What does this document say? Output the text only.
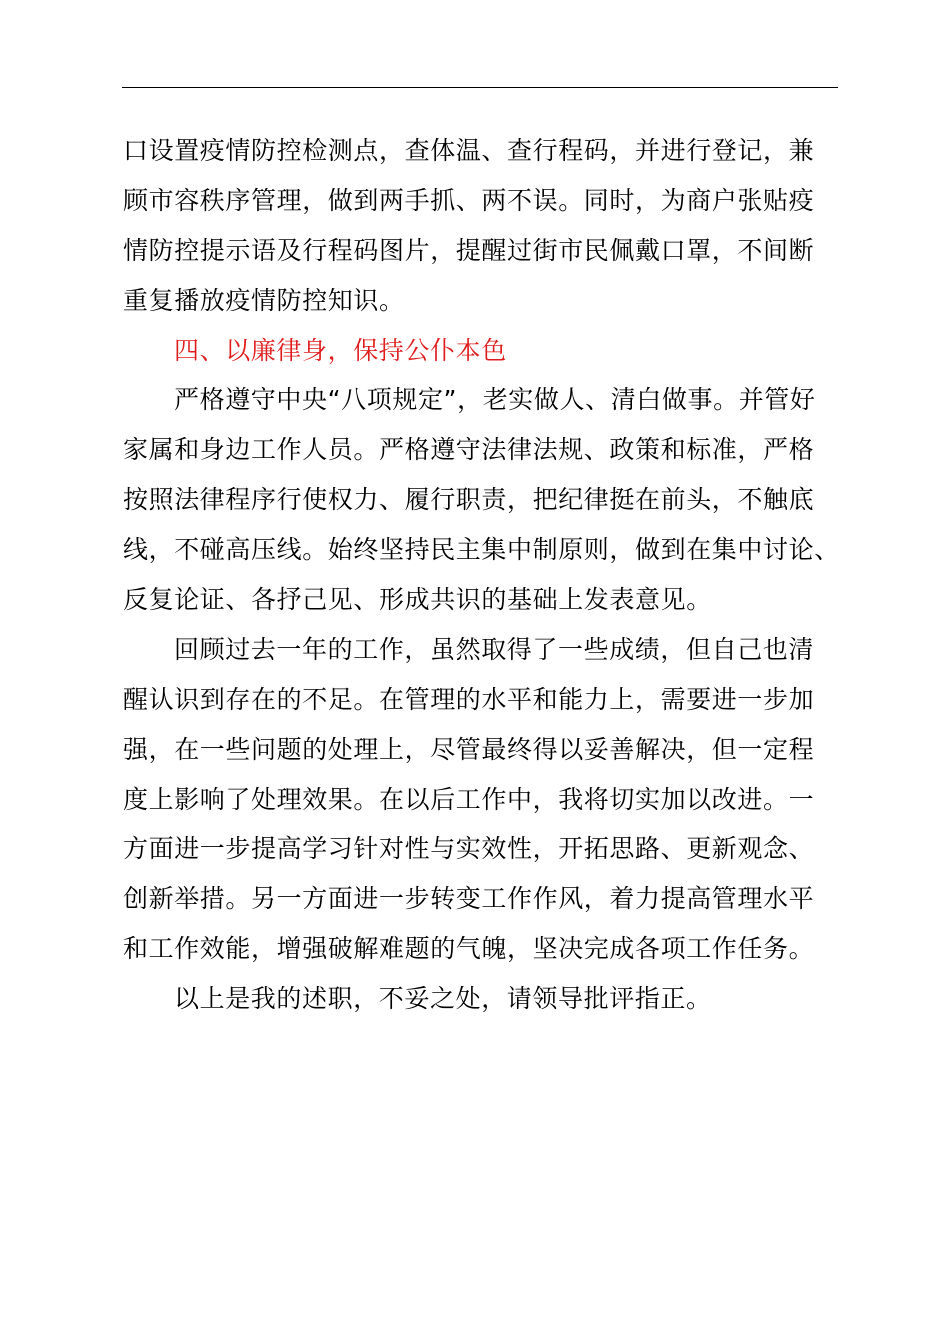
口设置疫情防控检测点，查体温、查行程码，并进行登记，兼
顾市容秩序管理，做到两手抓、两不误。同时，为商户张贴疫
情防控提示语及行程码图片，提醒过街市民佩戴口罩，不间断
重复播放疫情防控知识。
四、以廉律身，保持公仆本色
严格遵守中央“八项规定”，老实做人、清白做事。并管好
家属和身边工作人员。严格遵守法律法规、政策和标准，严格
按照法律程序行使权力、履行职责，把纪律挺在前头，不触底
线，不碰高压线。始终坚持民主集中制原则，做到在集中讨论、
反复论证、各抒己见、形成共识的基础上发表意见。
回顾过去一年的工作，虽然取得了一些成绩，但自己也清
醒认识到存在的不足。在管理的水平和能力上，需要进一步加
强，在一些问题的处理上，尽管最终得以妥善解决，但一定程
度上影响了处理效果。在以后工作中，我将切实加以改进。一
方面进一步提高学习针对性与实效性，开拓思路、更新观念、
创新举措。另一方面进一步转变工作作风，着力提高管理水平
和工作效能，增强破解难题的气魄，坚决完成各项工作任务。
以上是我的述职，不妥之处，请领导批评指正。
